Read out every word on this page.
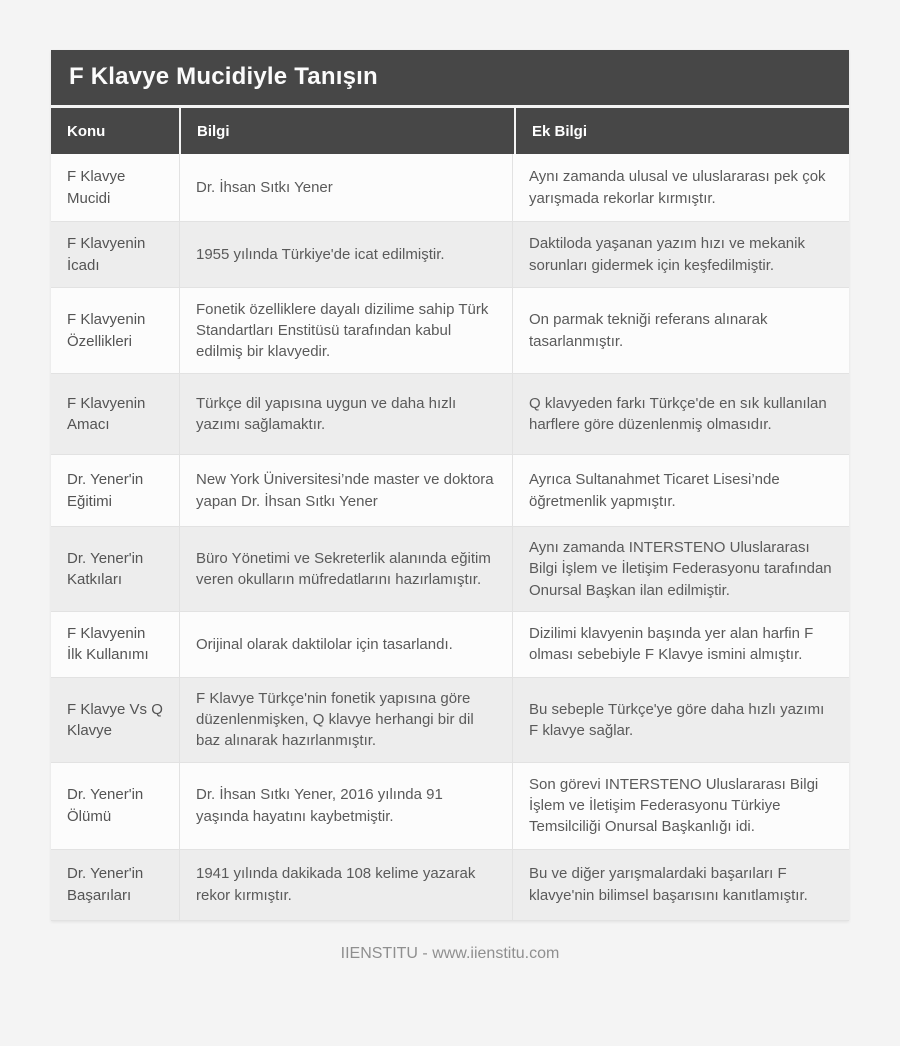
F Klavye Mucidiyle Tanışın
Konu	Bilgi	Ek Bilgi
F Klavye Mucidi
Dr. İhsan Sıtkı Yener
Aynı zamanda ulusal ve uluslararası pek çok yarışmada rekorlar kırmıştır.
F Klavyenin İcadı
1955 yılında Türkiye'de icat edilmiştir.
Daktiloda yaşanan yazım hızı ve mekanik sorunları gidermek için keşfedilmiştir.
F Klavyenin Özellikleri
Fonetik özelliklere dayalı dizilime sahip Türk Standartları Enstitüsü tarafından kabul edilmiş bir klavyedir.
On parmak tekniği referans alınarak tasarlanmıştır.
F Klavyenin Amacı
Türkçe dil yapısına uygun ve daha hızlı yazımı sağlamaktır.
Q klavyeden farkı Türkçe'de en sık kullanılan harflere göre düzenlenmiş olmasıdır.
Dr. Yener'in Eğitimi
New York Üniversitesi’nde master ve doktora yapan Dr. İhsan Sıtkı Yener
Ayrıca Sultanahmet Ticaret Lisesi’nde öğretmenlik yapmıştır.
Dr. Yener'in Katkıları
Büro Yönetimi ve Sekreterlik alanında eğitim veren okulların müfredatlarını hazırlamıştır.
Aynı zamanda INTERSTENO Uluslararası Bilgi İşlem ve İletişim Federasyonu tarafından Onursal Başkan ilan edilmiştir.
F Klavyenin İlk Kullanımı
Orijinal olarak daktilolar için tasarlandı.
Dizilimi klavyenin başında yer alan harfin F olması sebebiyle F Klavye ismini almıştır.
F Klavye Vs Q Klavye
F Klavye Türkçe'nin fonetik yapısına göre düzenlenmişken, Q klavye herhangi bir dil baz alınarak hazırlanmıştır.
Bu sebeple Türkçe'ye göre daha hızlı yazımı F klavye sağlar.
Dr. Yener'in Ölümü
Dr. İhsan Sıtkı Yener, 2016 yılında 91 yaşında hayatını kaybetmiştir.
Son görevi INTERSTENO Uluslararası Bilgi İşlem ve İletişim Federasyonu Türkiye Temsilciliği Onursal Başkanlığı idi.
Dr. Yener'in Başarıları
1941 yılında dakikada 108 kelime yazarak rekor kırmıştır.
Bu ve diğer yarışmalardaki başarıları F klavye'nin bilimsel başarısını kanıtlamıştır.
IIENSTITU - www.iienstitu.com
